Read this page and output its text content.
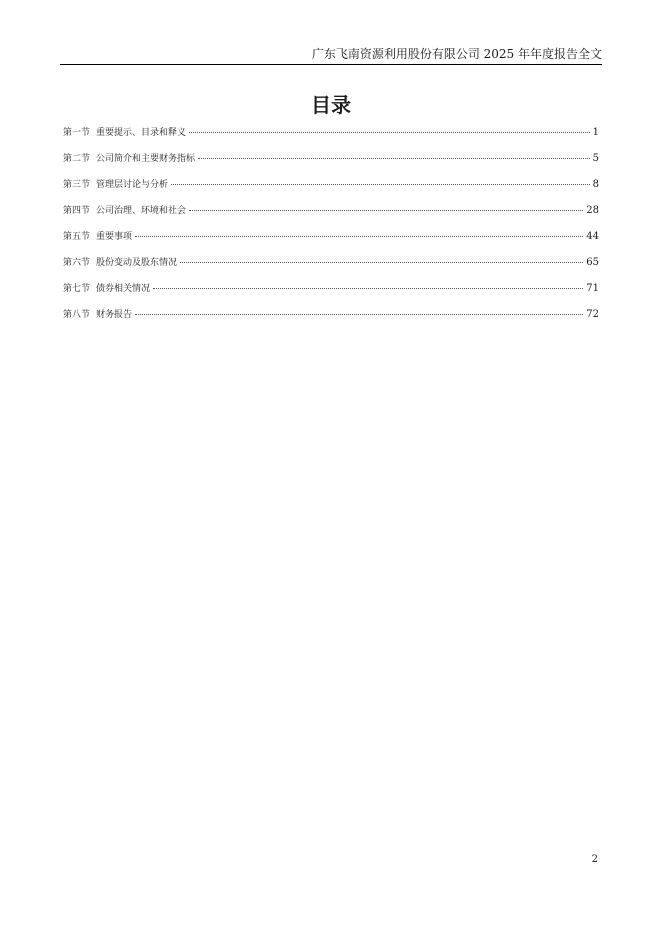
广东飞南资源利用股份有限公司 2025 年年度报告全文
目录
第一节 重要提示、目录和释义	1
第二节 公司简介和主要财务指标	5
第三节 管理层讨论与分析	8
第四节 公司治理、环境和社会	28
第五节 重要事项	44
第六节 股份变动及股东情况	65
第七节 债券相关情况	71
第八节 财务报告	72
2
